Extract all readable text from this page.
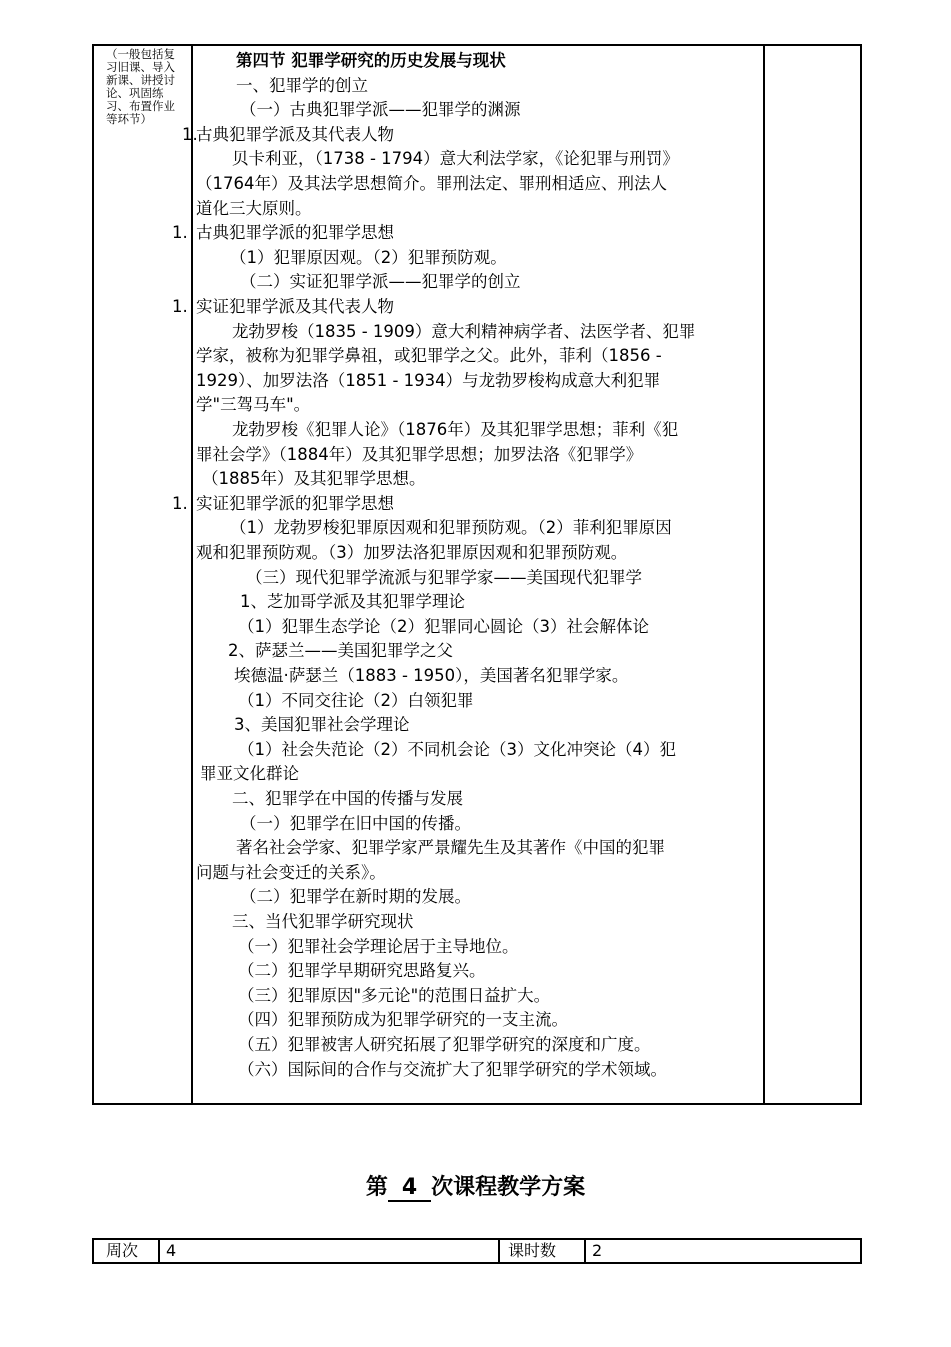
（一般包括复习旧课、导入新课、讲授讨论、巩固练习、布置作业等环节）
第四节 犯罪学研究的历史发展与现状
一、犯罪学的创立
（一）古典犯罪学派——犯罪学的渊源
古典犯罪学派及其代表人物
贝卡利亚，（1738 - 1794）意大利法学家，《论犯罪与刑罚》
（1764年）及其法学思想简介。罪刑法定、罪刑相适应、刑法人
道化三大原则。
古典犯罪学派的犯罪学思想
（1）犯罪原因观。（2）犯罪预防观。
（二）实证犯罪学派——犯罪学的创立
实证犯罪学派及其代表人物
龙勃罗梭（1835 - 1909）意大利精神病学者、法医学者、犯罪
学家，被称为犯罪学鼻祖，或犯罪学之父。此外，菲利（1856 -
1929）、加罗法洛（1851 - 1934）与龙勃罗梭构成意大利犯罪
学"三驾马车"。
龙勃罗梭《犯罪人论》（1876年）及其犯罪学思想；菲利《犯
罪社会学》（1884年）及其犯罪学思想；加罗法洛《犯罪学》
（1885年）及其犯罪学思想。
实证犯罪学派的犯罪学思想
（1）龙勃罗梭犯罪原因观和犯罪预防观。（2）菲利犯罪原因
观和犯罪预防观。（3）加罗法洛犯罪原因观和犯罪预防观。
（三）现代犯罪学流派与犯罪学家——美国现代犯罪学
1、芝加哥学派及其犯罪学理论
（1）犯罪生态学论（2）犯罪同心圆论（3）社会解体论
2、萨瑟兰——美国犯罪学之父
埃德温·萨瑟兰（1883 - 1950），美国著名犯罪学家。
（1）不同交往论（2）白领犯罪
3、美国犯罪社会学理论
（1）社会失范论（2）不同机会论（3）文化冲突论（4）犯
罪亚文化群论
二、犯罪学在中国的传播与发展
（一）犯罪学在旧中国的传播。
著名社会学家、犯罪学家严景耀先生及其著作《中国的犯罪
问题与社会变迁的关系》。
（二）犯罪学在新时期的发展。
三、当代犯罪学研究现状
（一）犯罪社会学理论居于主导地位。
（二）犯罪学早期研究思路复兴。
（三）犯罪原因"多元论"的范围日益扩大。
（四）犯罪预防成为犯罪学研究的一支主流。
（五）犯罪被害人研究拓展了犯罪学研究的深度和广度。
（六）国际间的合作与交流扩大了犯罪学研究的学术领域。
1.
1.
1.
1.
第 4 次课程教学方案
周次 4	课时数 2
